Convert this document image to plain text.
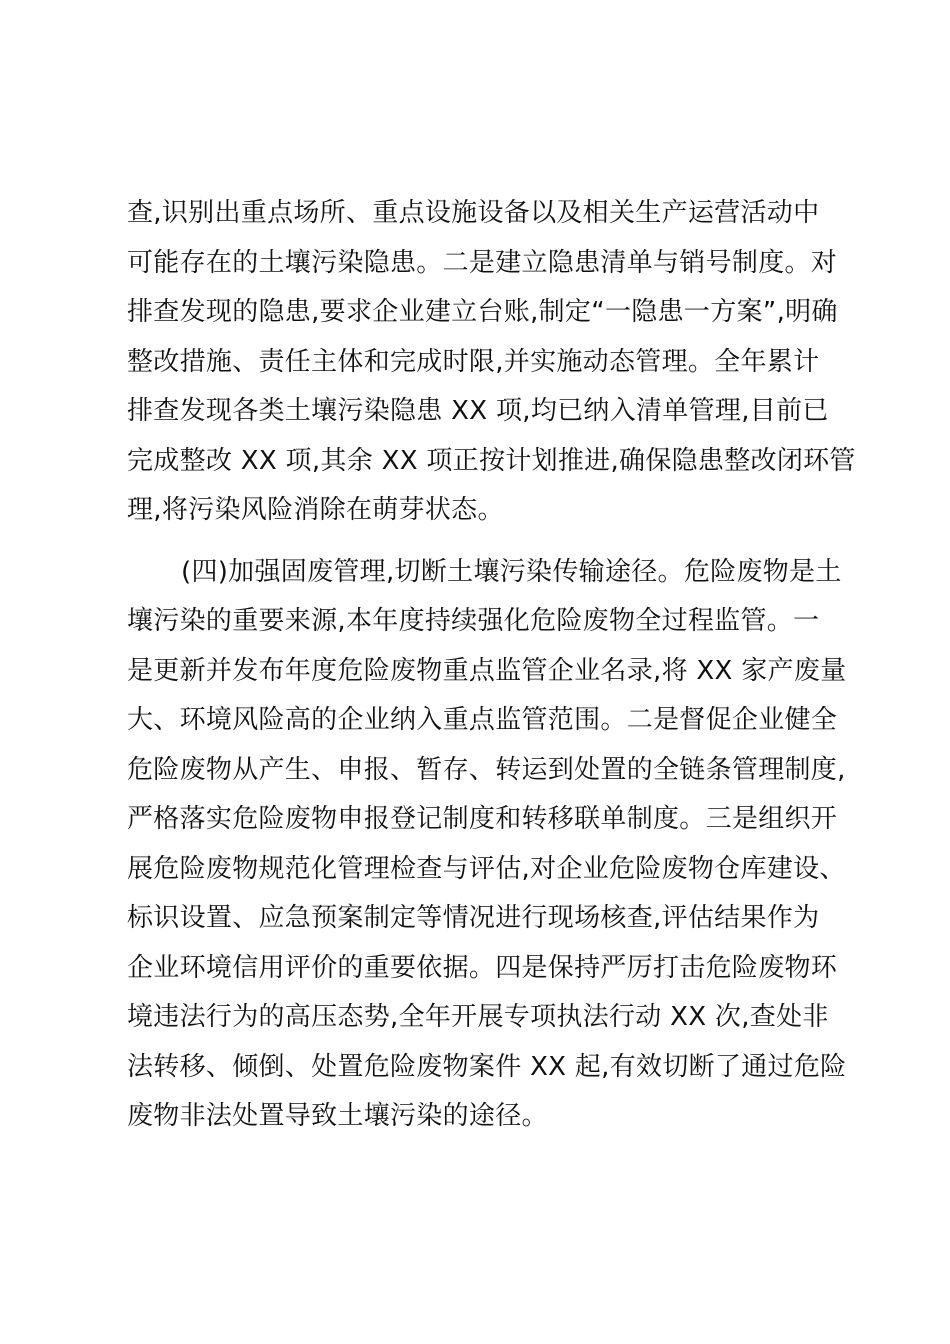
查,识别出重点场所、重点设施设备以及相关生产运营活动中
可能存在的土壤污染隐患。二是建立隐患清单与销号制度。对
排查发现的隐患,要求企业建立台账,制定“一隐患一方案”,明确
整改措施、责任主体和完成时限,并实施动态管理。全年累计
排查发现各类土壤污染隐患 XX 项,均已纳入清单管理,目前已
完成整改 XX 项,其余 XX 项正按计划推进,确保隐患整改闭环管
理,将污染风险消除在萌芽状态。

(四)加强固废管理,切断土壤污染传输途径。危险废物是土
壤污染的重要来源,本年度持续强化危险废物全过程监管。一
是更新并发布年度危险废物重点监管企业名录,将 XX 家产废量
大、环境风险高的企业纳入重点监管范围。二是督促企业健全
危险废物从产生、申报、暂存、转运到处置的全链条管理制度,
严格落实危险废物申报登记制度和转移联单制度。三是组织开
展危险废物规范化管理检查与评估,对企业危险废物仓库建设、
标识设置、应急预案制定等情况进行现场核查,评估结果作为
企业环境信用评价的重要依据。四是保持严厉打击危险废物环
境违法行为的高压态势,全年开展专项执法行动 XX 次,查处非
法转移、倾倒、处置危险废物案件 XX 起,有效切断了通过危险
废物非法处置导致土壤污染的途径。
